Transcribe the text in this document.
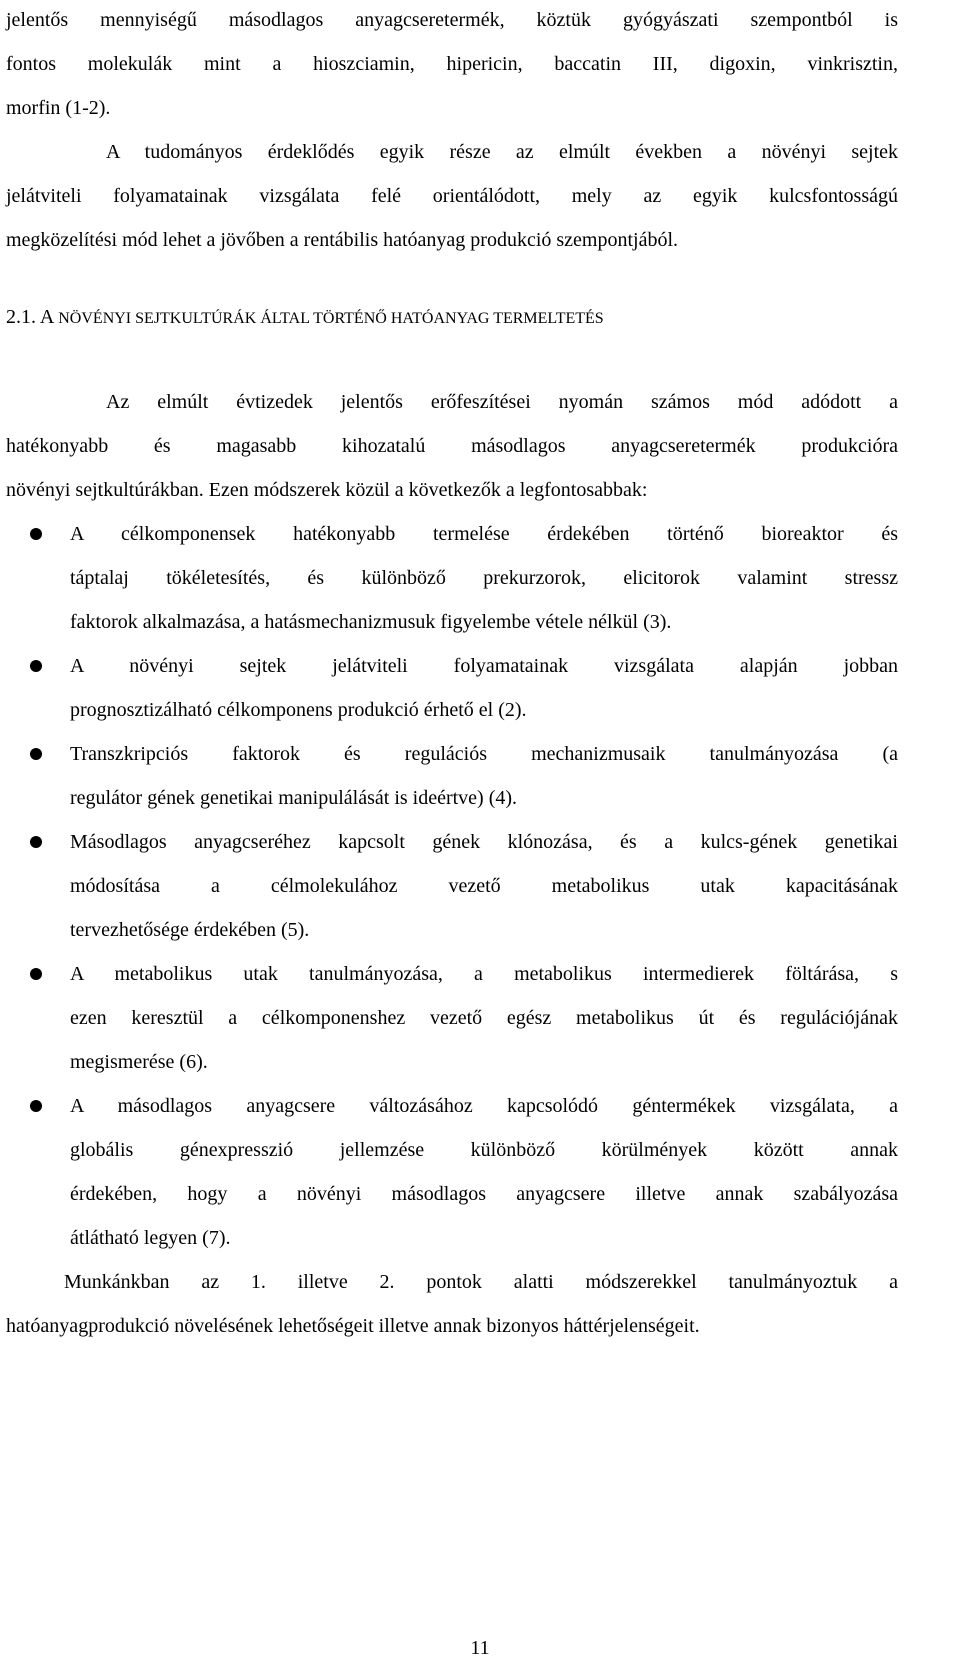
jelentős mennyiségű másodlagos anyagcseretermék, köztük gyógyászati szempontból is
fontos molekulák mint a hioszciamin, hipericin, baccatin III, digoxin, vinkrisztin,
morfin (1-2).
A tudományos érdeklődés egyik része az elmúlt években a növényi sejtek
jelátviteli folyamatainak vizsgálata felé orientálódott, mely az egyik kulcsfontosságú
megközelítési mód lehet a jövőben a rentábilis hatóanyag produkció szempontjából.
2.1. A NÖVÉNYI SEJTKULTÚRÁK ÁLTAL TÖRTÉNŐ HATÓANYAG TERMELTETÉS
Az elmúlt évtizedek jelentős erőfeszítései nyomán számos mód adódott a
hatékonyabb és magasabb kihozatalú másodlagos anyagcseretermék produkcióra
növényi sejtkultúrákban. Ezen módszerek közül a következők a legfontosabbak:
A célkomponensek hatékonyabb termelése érdekében történő bioreaktor és
táptalaj tökéletesítés, és különböző prekurzorok, elicitorok valamint stressz
faktorok alkalmazása, a hatásmechanizmusuk figyelembe vétele nélkül (3).
A növényi sejtek jelátviteli folyamatainak vizsgálata alapján jobban
prognosztizálható célkomponens produkció érhető el (2).
Transzkripciós faktorok és regulációs mechanizmusaik tanulmányozása (a
regulátor gének genetikai manipulálását is ideértve) (4).
Másodlagos anyagcseréhez kapcsolt gének klónozása, és a kulcs-gének genetikai
módosítása a célmolekulához vezető metabolikus utak kapacitásának
tervezhetősége érdekében (5).
A metabolikus utak tanulmányozása, a metabolikus intermedierek föltárása, s
ezen keresztül a célkomponenshez vezető egész metabolikus út és regulációjának
megismerése (6).
A másodlagos anyagcsere változásához kapcsolódó géntermékek vizsgálata, a
globális génexpresszió jellemzése különböző körülmények között annak
érdekében, hogy a növényi másodlagos anyagcsere illetve annak szabályozása
átlátható legyen (7).
Munkánkban az 1. illetve 2. pontok alatti módszerekkel tanulmányoztuk a
hatóanyagprodukció növelésének lehetőségeit illetve annak bizonyos háttérjelenségeit.
11
